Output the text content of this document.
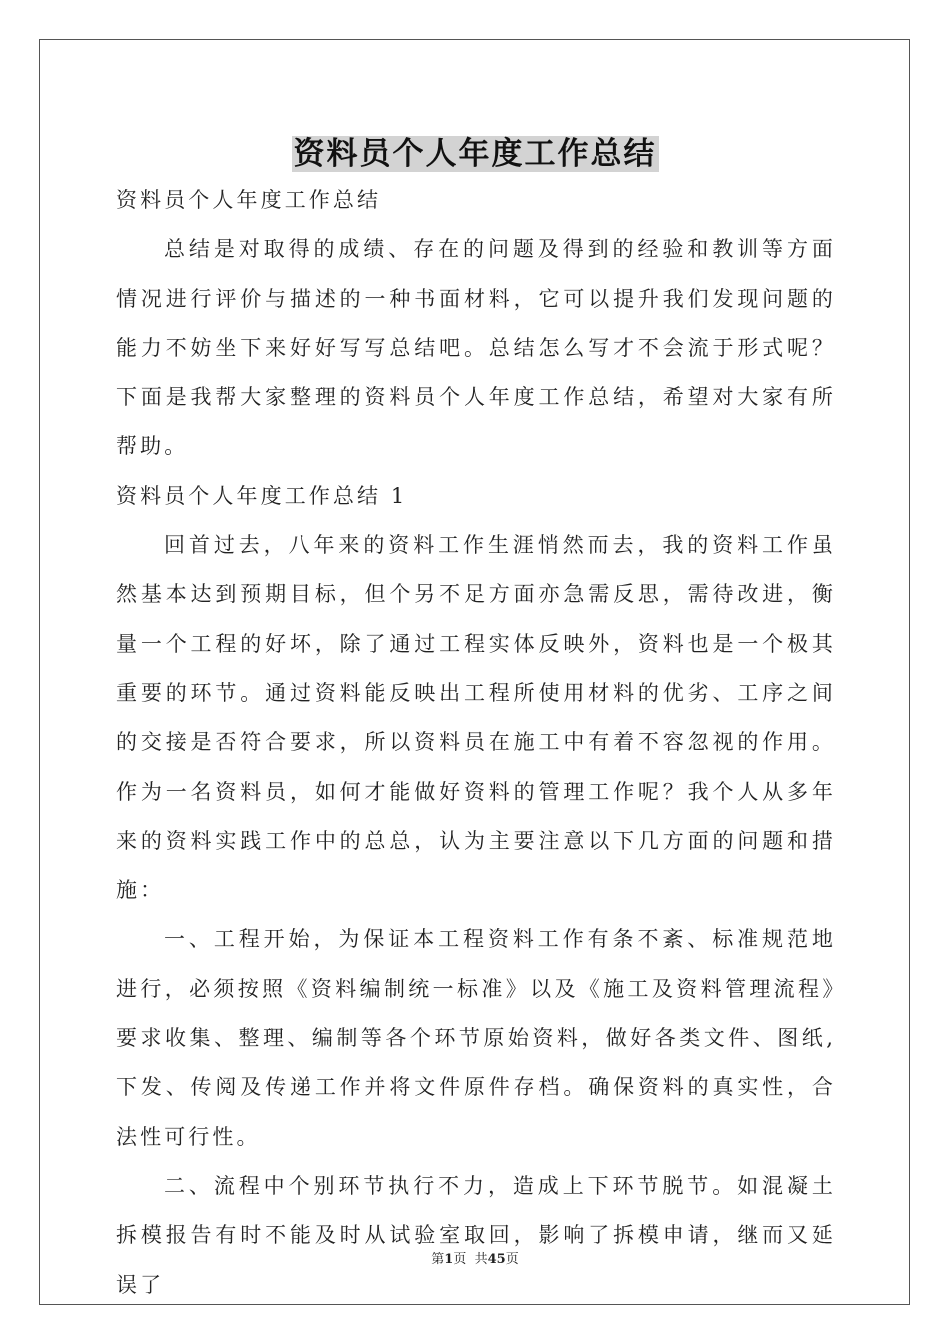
资料员个人年度工作总结

资料员个人年度工作总结

总结是对取得的成绩、存在的问题及得到的经验和教训等方面情况进行评价与描述的一种书面材料，它可以提升我们发现问题的能力不妨坐下来好好写写总结吧。总结怎么写才不会流于形式呢？下面是我帮大家整理的资料员个人年度工作总结，希望对大家有所帮助。

资料员个人年度工作总结 1

回首过去，八年来的资料工作生涯悄然而去，我的资料工作虽然基本达到预期目标，但个另不足方面亦急需反思，需待改进，衡量一个工程的好坏，除了通过工程实体反映外，资料也是一个极其重要的环节。通过资料能反映出工程所使用材料的优劣、工序之间的交接是否符合要求，所以资料员在施工中有着不容忽视的作用。作为一名资料员，如何才能做好资料的管理工作呢？我个人从多年来的资料实践工作中的总总，认为主要注意以下几方面的问题和措施：

一、工程开始，为保证本工程资料工作有条不紊、标准规范地进行，必须按照《资料编制统一标准》以及《施工及资料管理流程》要求收集、整理、编制等各个环节原始资料，做好各类文件、图纸,下发、传阅及传递工作并将文件原件存档。确保资料的真实性，合法性可行性。

二、流程中个别环节执行不力，造成上下环节脱节。如混凝土拆模报告有时不能及时从试验室取回，影响了拆模申请，继而又延误了

第1页  共45页
